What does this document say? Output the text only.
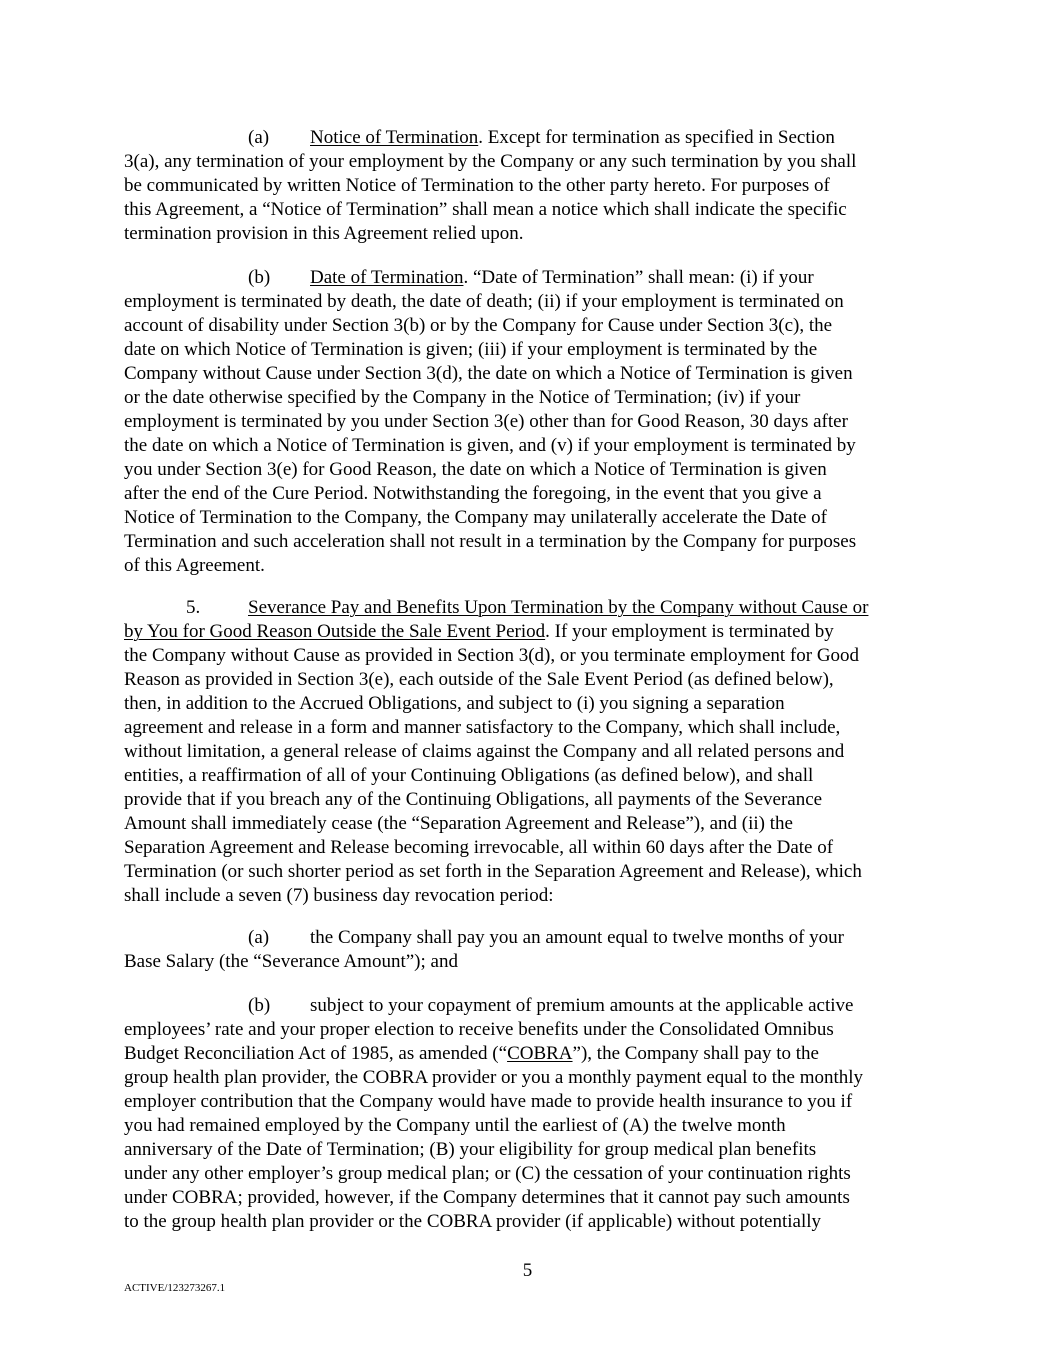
(a) Notice of Termination. Except for termination as specified in Section

3(a), any termination of your employment by the Company or any such termination by you shall

be communicated by written Notice of Termination to the other party hereto. For purposes of

this Agreement, a “Notice of Termination” shall mean a notice which shall indicate the specific

termination provision in this Agreement relied upon.

(b) Date of Termination. “Date of Termination” shall mean: (i) if your

employment is terminated by death, the date of death; (ii) if your employment is terminated on

account of disability under Section 3(b) or by the Company for Cause under Section 3(c), the

date on which Notice of Termination is given; (iii) if your employment is terminated by the

Company without Cause under Section 3(d), the date on which a Notice of Termination is given

or the date otherwise specified by the Company in the Notice of Termination; (iv) if your

employment is terminated by you under Section 3(e) other than for Good Reason, 30 days after

the date on which a Notice of Termination is given, and (v) if your employment is terminated by

you under Section 3(e) for Good Reason, the date on which a Notice of Termination is given

after the end of the Cure Period. Notwithstanding the foregoing, in the event that you give a

Notice of Termination to the Company, the Company may unilaterally accelerate the Date of

Termination and such acceleration shall not result in a termination by the Company for purposes

of this Agreement.

5.	Severance Pay and Benefits Upon Termination by the Company without Cause or

by You for Good Reason Outside the Sale Event Period. If your employment is terminated by

the Company without Cause as provided in Section 3(d), or you terminate employment for Good

Reason as provided in Section 3(e), each outside of the Sale Event Period (as defined below),

then, in addition to the Accrued Obligations, and subject to (i) you signing a separation

agreement and release in a form and manner satisfactory to the Company, which shall include,

without limitation, a general release of claims against the Company and all related persons and

entities, a reaffirmation of all of your Continuing Obligations (as defined below), and shall

provide that if you breach any of the Continuing Obligations, all payments of the Severance

Amount shall immediately cease (the “Separation Agreement and Release”), and (ii) the

Separation Agreement and Release becoming irrevocable, all within 60 days after the Date of

Termination (or such shorter period as set forth in the Separation Agreement and Release), which

shall include a seven (7) business day revocation period:

(a) the Company shall pay you an amount equal to twelve months of your

Base Salary (the “Severance Amount”); and

(b) subject to your copayment of premium amounts at the applicable active

employees’ rate and your proper election to receive benefits under the Consolidated Omnibus

Budget Reconciliation Act of 1985, as amended (“COBRA”), the Company shall pay to the

group health plan provider, the COBRA provider or you a monthly payment equal to the monthly

employer contribution that the Company would have made to provide health insurance to you if

you had remained employed by the Company until the earliest of (A) the twelve month

anniversary of the Date of Termination; (B) your eligibility for group medical plan benefits

under any other employer’s group medical plan; or (C) the cessation of your continuation rights

under COBRA; provided, however, if the Company determines that it cannot pay such amounts

to the group health plan provider or the COBRA provider (if applicable) without potentially

5
ACTIVE/123273267.1
